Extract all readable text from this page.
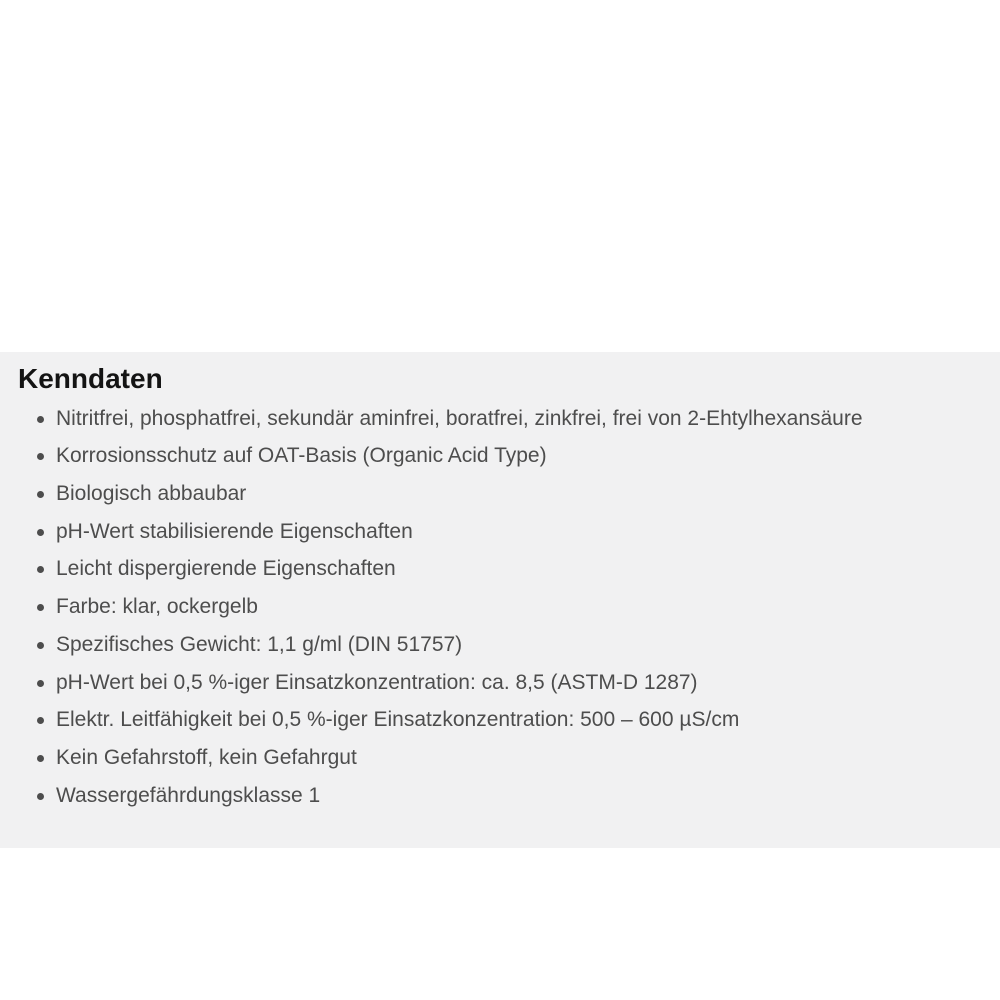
Kenndaten
Nitritfrei, phosphatfrei, sekundär aminfrei, boratfrei, zinkfrei, frei von 2-Ehtylhexansäure
Korrosionsschutz auf OAT-Basis (Organic Acid Type)
Biologisch abbaubar
pH-Wert stabilisierende Eigenschaften
Leicht dispergierende Eigenschaften
Farbe: klar, ockergelb
Spezifisches Gewicht: 1,1 g/ml (DIN 51757)
pH-Wert bei 0,5 %-iger Einsatzkonzentration: ca. 8,5 (ASTM-D 1287)
Elektr. Leitfähigkeit bei 0,5 %-iger Einsatzkonzentration: 500 – 600 µS/cm
Kein Gefahrstoff, kein Gefahrgut
Wassergefährdungsklasse 1
